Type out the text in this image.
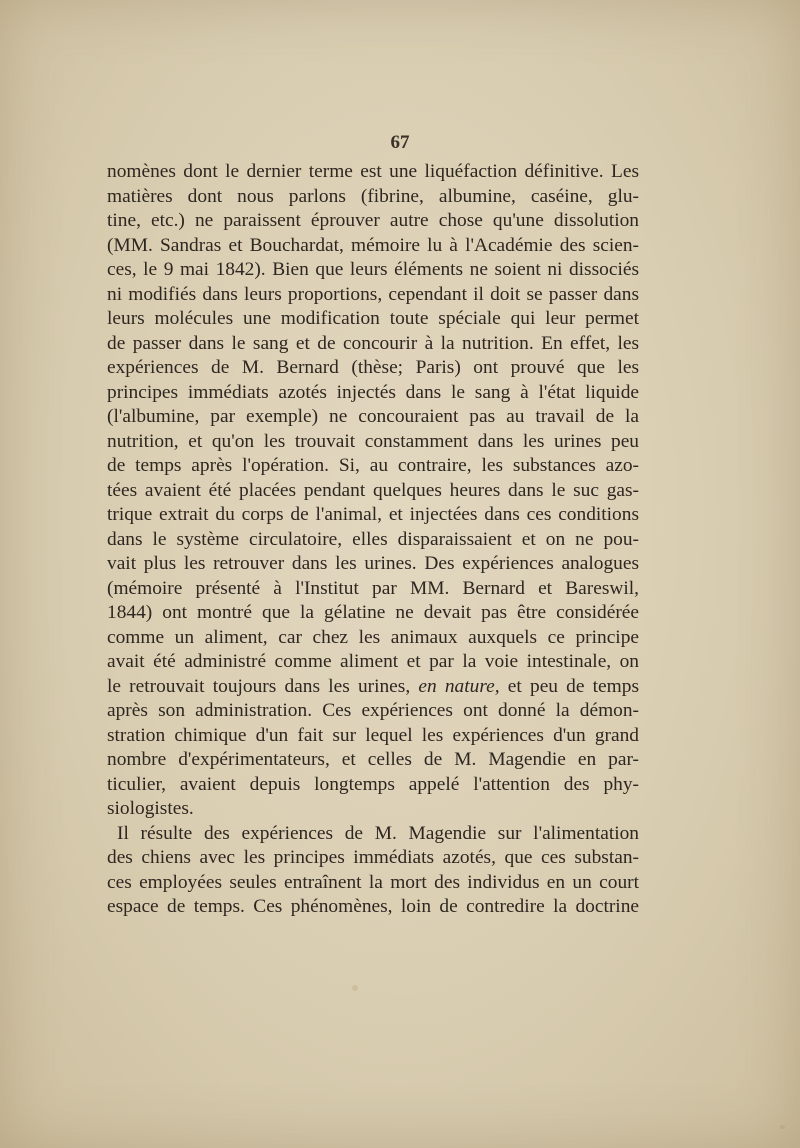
67
nomènes dont le dernier terme est une liquéfaction définitive. Les
matières dont nous parlons (fibrine, albumine, caséine, glu-
tine, etc.) ne paraissent éprouver autre chose qu'une dissolution
(MM. Sandras et Bouchardat, mémoire lu à l'Académie des scien-
ces, le 9 mai 1842). Bien que leurs éléments ne soient ni dissociés
ni modifiés dans leurs proportions, cependant il doit se passer dans
leurs molécules une modification toute spéciale qui leur permet
de passer dans le sang et de concourir à la nutrition. En effet, les
expériences de M. Bernard (thèse; Paris) ont prouvé que les
principes immédiats azotés injectés dans le sang à l'état liquide
(l'albumine, par exemple) ne concouraient pas au travail de la
nutrition, et qu'on les trouvait constamment dans les urines peu
de temps après l'opération. Si, au contraire, les substances azo-
tées avaient été placées pendant quelques heures dans le suc gas-
trique extrait du corps de l'animal, et injectées dans ces conditions
dans le système circulatoire, elles disparaissaient et on ne pou-
vait plus les retrouver dans les urines. Des expériences analogues
(mémoire présenté à l'Institut par MM. Bernard et Bareswil,
1844) ont montré que la gélatine ne devait pas être considérée
comme un aliment, car chez les animaux auxquels ce principe
avait été administré comme aliment et par la voie intestinale, on
le retrouvait toujours dans les urines, en nature, et peu de temps
après son administration. Ces expériences ont donné la démon-
stration chimique d'un fait sur lequel les expériences d'un grand
nombre d'expérimentateurs, et celles de M. Magendie en par-
ticulier, avaient depuis longtemps appelé l'attention des phy-
siologistes.
Il résulte des expériences de M. Magendie sur l'alimentation
des chiens avec les principes immédiats azotés, que ces substan-
ces employées seules entraînent la mort des individus en un court
espace de temps. Ces phénomènes, loin de contredire la doctrine
